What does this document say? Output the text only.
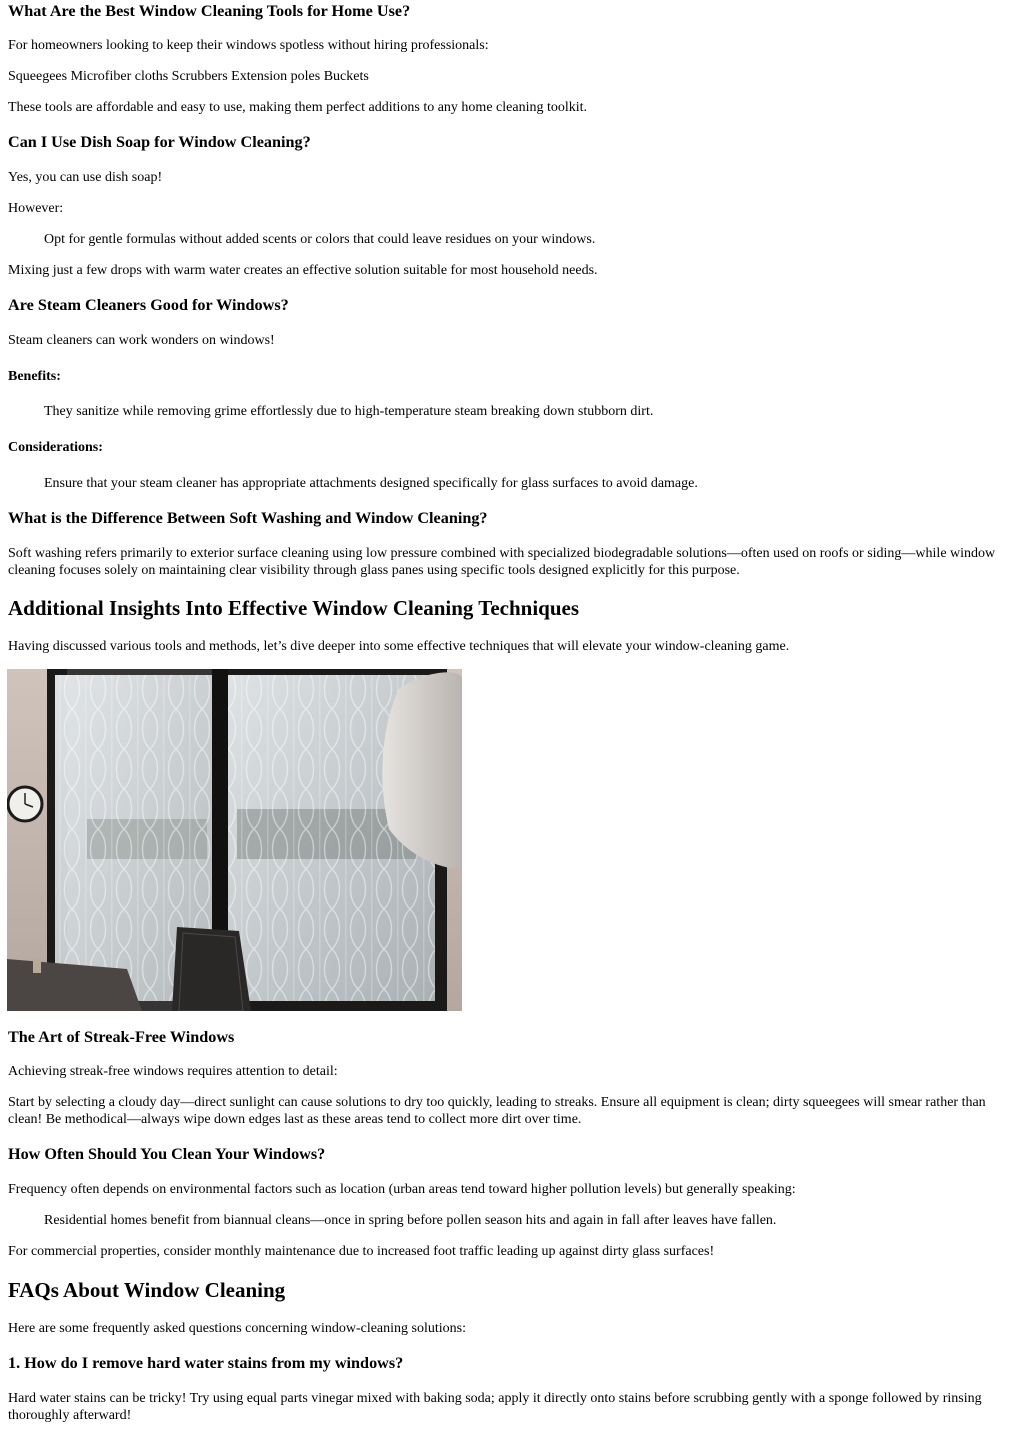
What Are the Best Window Cleaning Tools for Home Use?

For homeowners looking to keep their windows spotless without hiring professionals:

Squeegees Microfiber cloths Scrubbers Extension poles Buckets

These tools are affordable and easy to use, making them perfect additions to any home cleaning toolkit.

Can I Use Dish Soap for Window Cleaning?

Yes, you can use dish soap!

However:

Opt for gentle formulas without added scents or colors that could leave residues on your windows.

Mixing just a few drops with warm water creates an effective solution suitable for most household needs.

Are Steam Cleaners Good for Windows?

Steam cleaners can work wonders on windows!

Benefits:

They sanitize while removing grime effortlessly due to high-temperature steam breaking down stubborn dirt.

Considerations:

Ensure that your steam cleaner has appropriate attachments designed specifically for glass surfaces to avoid damage.

What is the Difference Between Soft Washing and Window Cleaning?

Soft washing refers primarily to exterior surface cleaning using low pressure combined with specialized biodegradable solutions—often used on roofs or siding—while window cleaning focuses solely on maintaining clear visibility through glass panes using specific tools designed explicitly for this purpose.

Additional Insights Into Effective Window Cleaning Techniques

Having discussed various tools and methods, let’s dive deeper into some effective techniques that will elevate your window-cleaning game.

The Art of Streak-Free Windows

Achieving streak-free windows requires attention to detail:

Start by selecting a cloudy day—direct sunlight can cause solutions to dry too quickly, leading to streaks. Ensure all equipment is clean; dirty squeegees will smear rather than clean! Be methodical—always wipe down edges last as these areas tend to collect more dirt over time.

How Often Should You Clean Your Windows?

Frequency often depends on environmental factors such as location (urban areas tend toward higher pollution levels) but generally speaking:

Residential homes benefit from biannual cleans—once in spring before pollen season hits and again in fall after leaves have fallen.

For commercial properties, consider monthly maintenance due to increased foot traffic leading up against dirty glass surfaces!

FAQs About Window Cleaning

Here are some frequently asked questions concerning window-cleaning solutions:

1. How do I remove hard water stains from my windows?

Hard water stains can be tricky! Try using equal parts vinegar mixed with baking soda; apply it directly onto stains before scrubbing gently with a sponge followed by rinsing thoroughly afterward!
